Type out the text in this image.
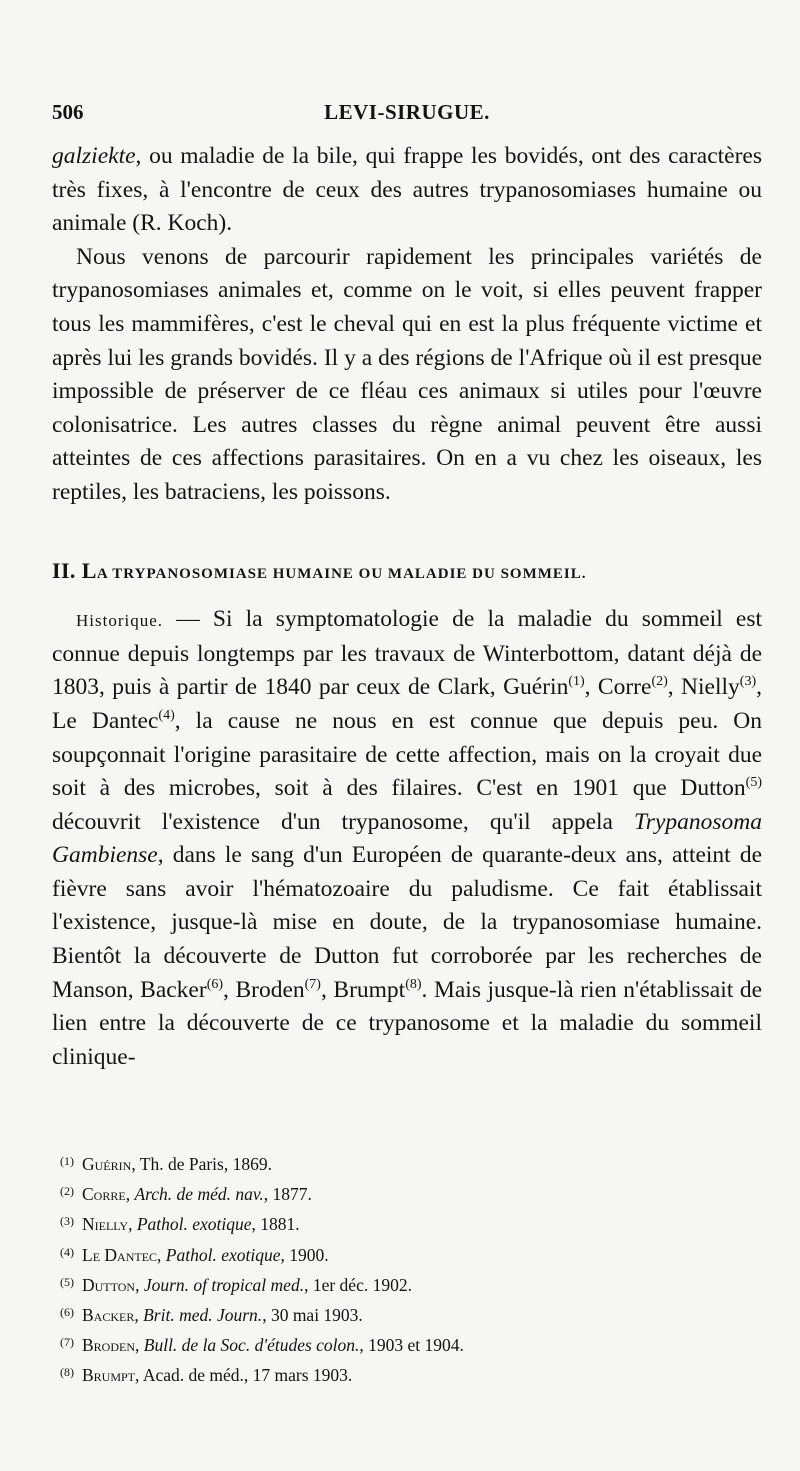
506	LEVI-SIRUGUE.

galziekte, ou maladie de la bile, qui frappe les bovidés, ont des caractères très fixes, à l'encontre de ceux des autres trypanosomiases humaine ou animale (R. Koch).

Nous venons de parcourir rapidement les principales variétés de trypanosomiases animales et, comme on le voit, si elles peuvent frapper tous les mammifères, c'est le cheval qui en est la plus fréquente victime et après lui les grands bovidés. Il y a des régions de l'Afrique où il est presque impossible de préserver de ce fléau ces animaux si utiles pour l'œuvre colonisatrice. Les autres classes du règne animal peuvent être aussi atteintes de ces affections parasitaires. On en a vu chez les oiseaux, les reptiles, les batraciens, les poissons.

II. LA TRYPANOSOMIASE HUMAINE OU MALADIE DU SOMMEIL.

Historique. — Si la symptomatologie de la maladie du sommeil est connue depuis longtemps par les travaux de Winterbottom, datant déjà de 1803, puis à partir de 1840 par ceux de Clark, Guérin$^{(1)}$, Corre$^{(2)}$, Nielly$^{(3)}$, Le Dantec$^{(4)}$, la cause ne nous en est connue que depuis peu. On soupçonnait l'origine parasitaire de cette affection, mais on la croyait due soit à des microbes, soit à des filaires. C'est en 1901 que Dutton$^{(5)}$ découvrit l'existence d'un trypanosome, qu'il appela Trypanosoma Gambiense, dans le sang d'un Européen de quarante-deux ans, atteint de fièvre sans avoir l'hématozoaire du paludisme. Ce fait établissait l'existence, jusque-là mise en doute, de la trypanosomiase humaine. Bientôt la découverte de Dutton fut corroborée par les recherches de Manson, Backer$^{(6)}$, Broden$^{(7)}$, Brumpt$^{(8)}$. Mais jusque-là rien n'établissait de lien entre la découverte de ce trypanosome et la maladie du sommeil clinique-

$^{(1)}$ Guérin, Th. de Paris, 1869.
$^{(2)}$ Corre, Arch. de méd. nav., 1877.
$^{(3)}$ Nielly, Pathol. exotique, 1881.
$^{(4)}$ Le Dantec, Pathol. exotique, 1900.
$^{(5)}$ Dutton, Journ. of tropical med., 1er déc. 1902.
$^{(6)}$ Backer, Brit. med. Journ., 30 mai 1903.
$^{(7)}$ Broden, Bull. de la Soc. d'études colon., 1903 et 1904.
$^{(8)}$ Brumpt, Acad. de méd., 17 mars 1903.
